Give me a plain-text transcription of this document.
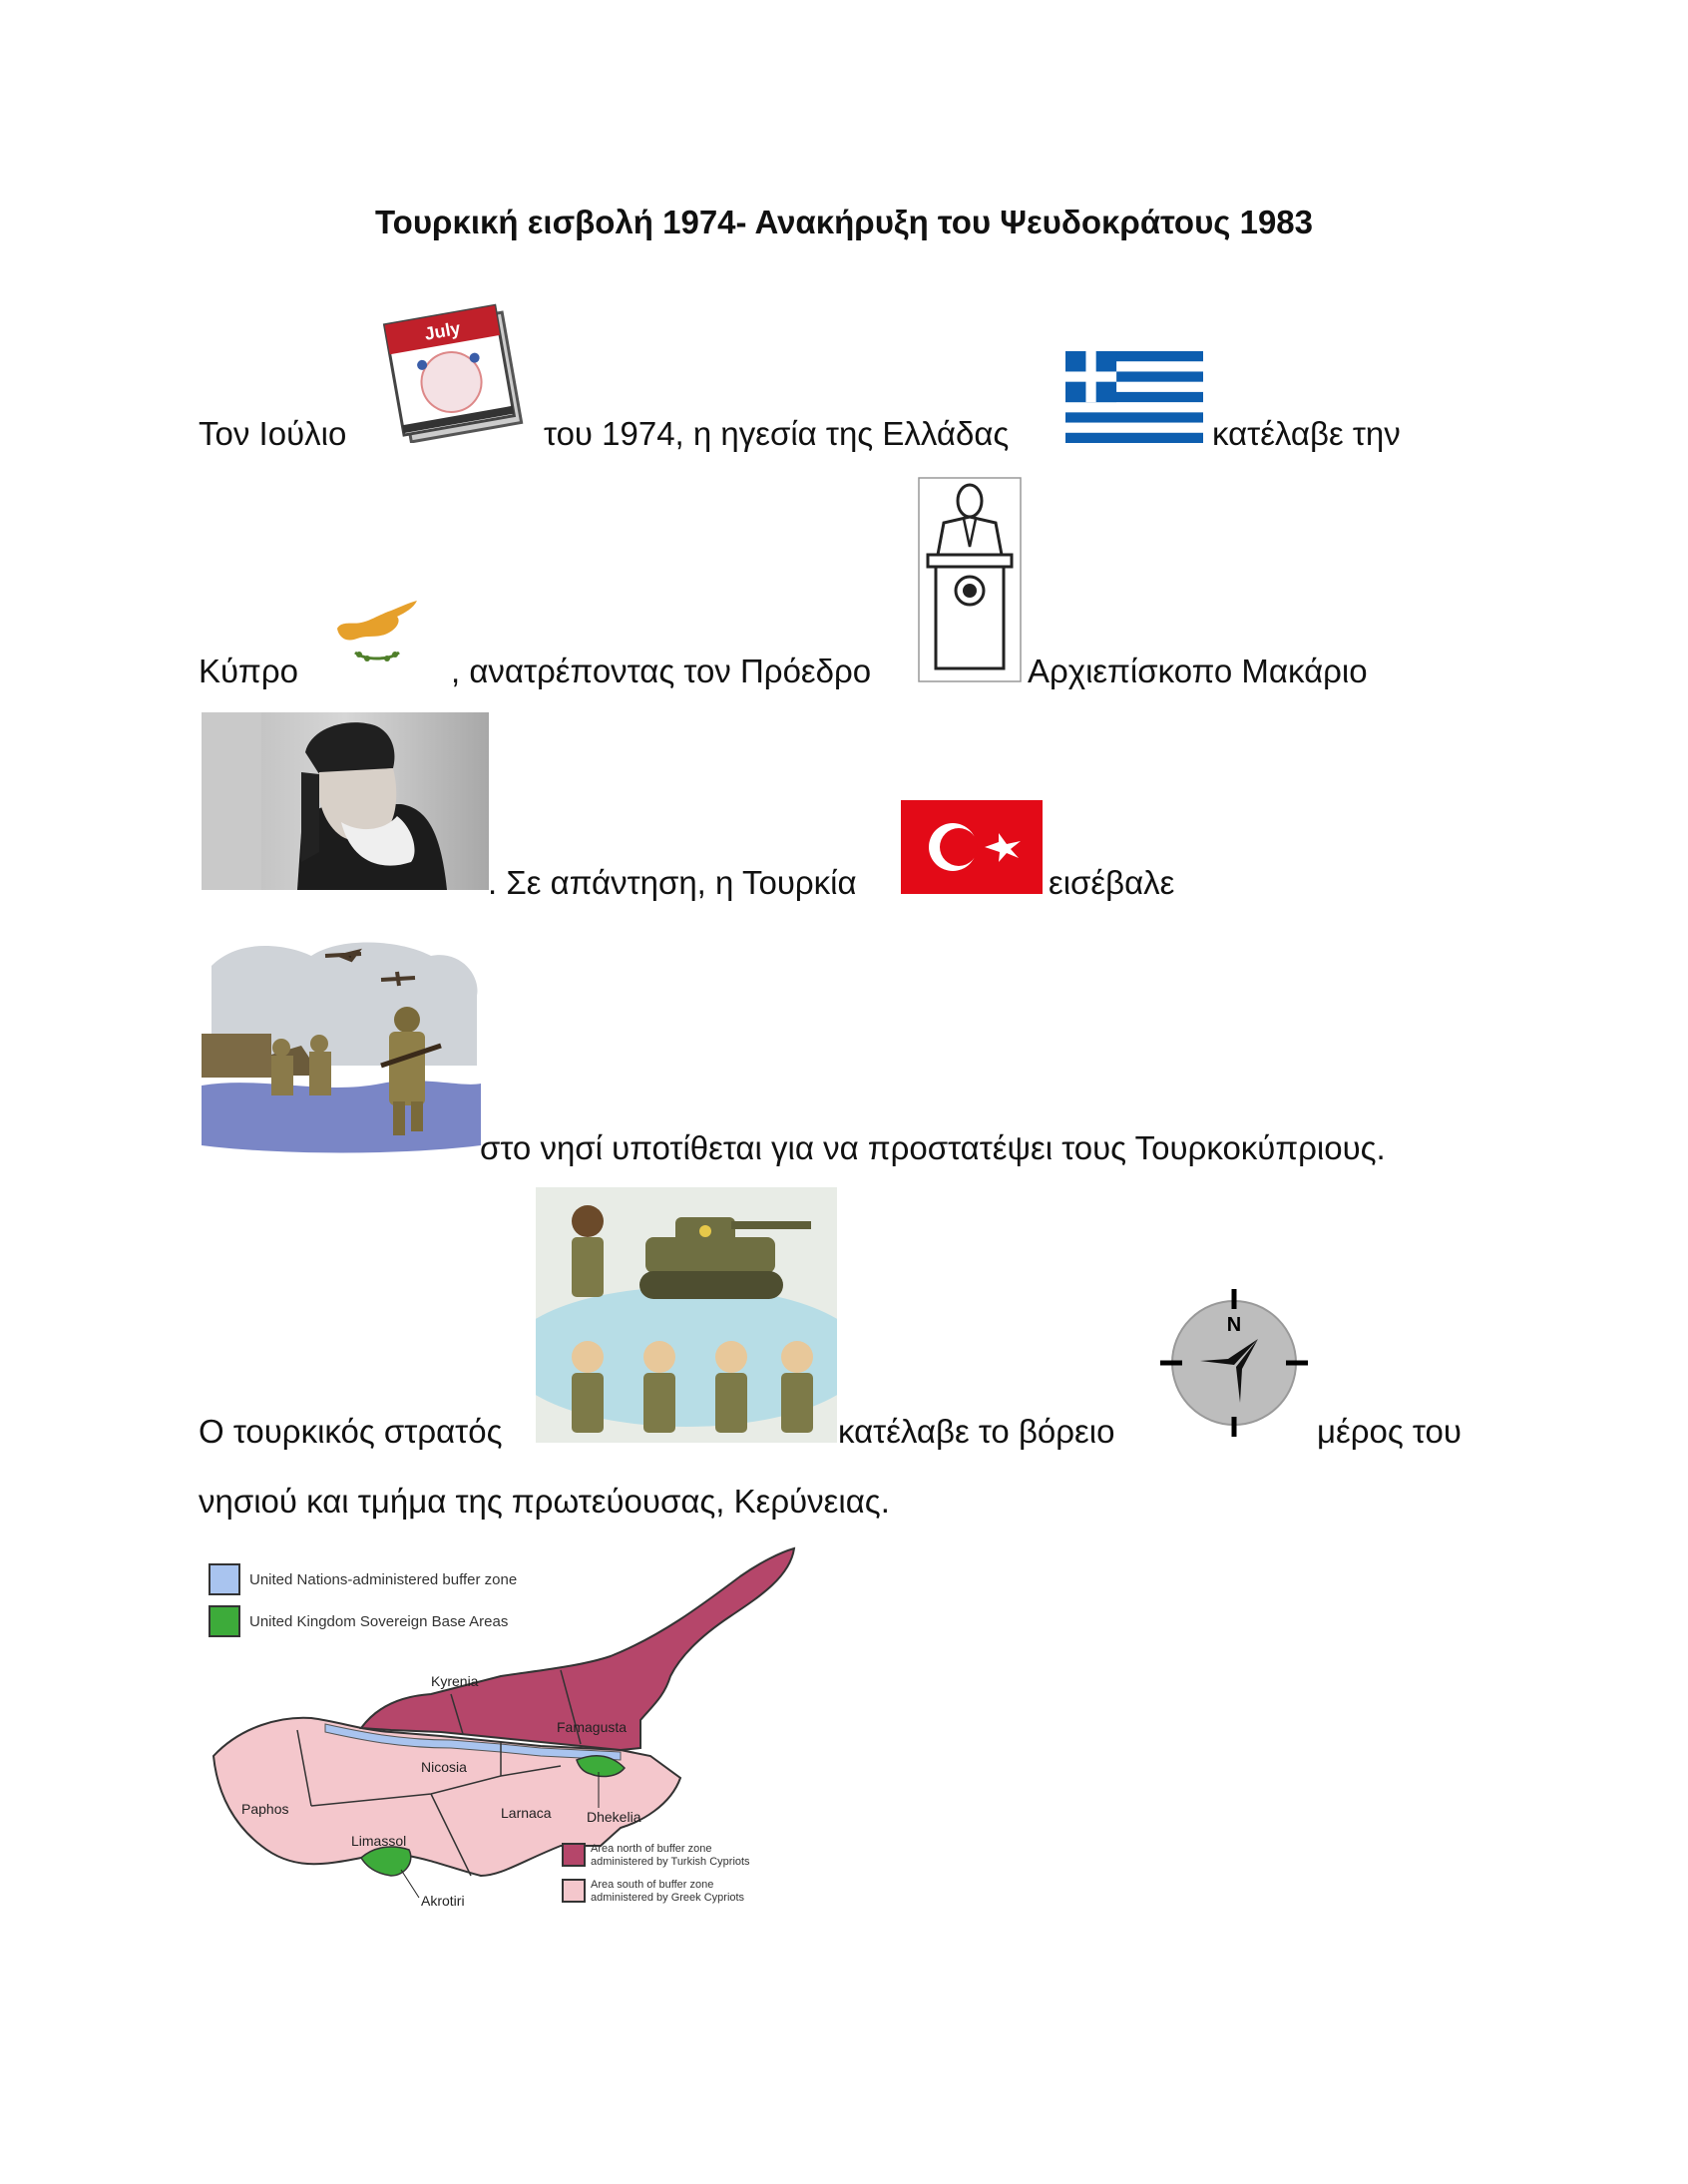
Τουρκική εισβολή 1974- Ανακήρυξη του Ψευδοκράτους 1983
Τον Ιούλιο
July
του 1974, η ηγεσία της Ελλάδας	κατέλαβε την
Κύπρο	, ανατρέποντας τον Πρόεδρο	Αρχιεπίσκοπο Μακάριο
. Σε απάντηση, η Τουρκία	εισέβαλε
στο νησί υποτίθεται για να προστατέψει τους Τουρκοκύπριους.
Ο τουρκικός στρατός	κατέλαβε το βόρειο
N
μέρος του
νησιού και τμήμα της πρωτεύουσας, Κερύνειας.
United Nations-administered buffer zone
United Kingdom Sovereign Base Areas
Kyrenia
Famagusta
Nicosia
Paphos	Larnaca	Dhekelia
Limassol
Akrotiri
Area north of buffer zone
administered by Turkish Cypriots
Area south of buffer zone
administered by Greek Cypriots
